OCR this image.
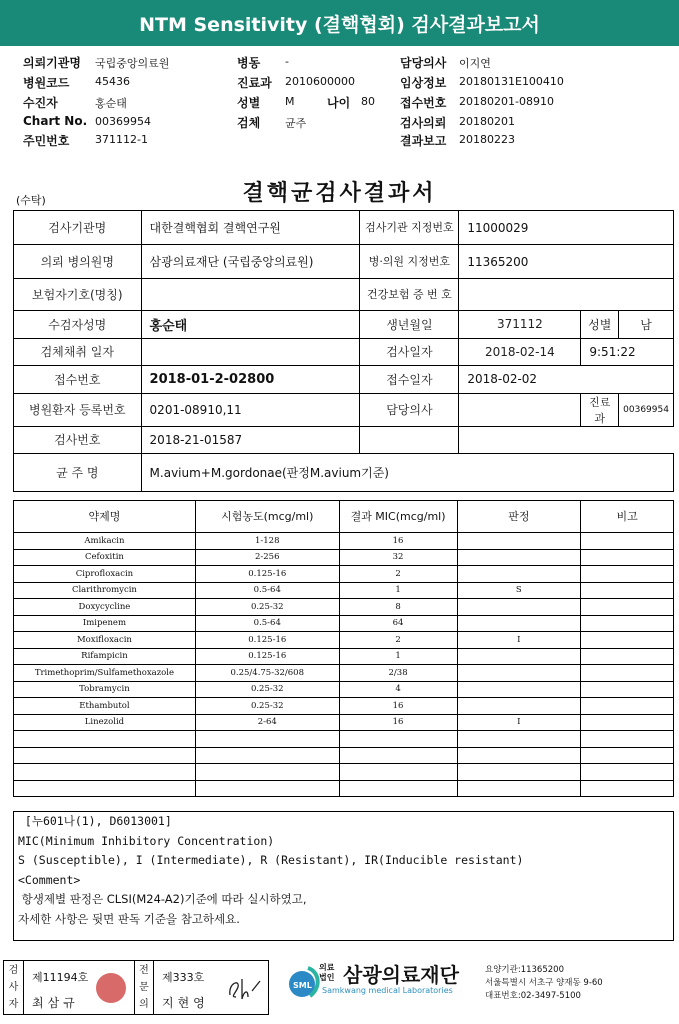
NTM Sensitivity (결핵협회) 검사결과보고서
의뢰기관명 국립중앙의료원
병원코드 45436
수진자	홍순태
Chart No. 00369954
주민번호 371112-1
병동 -
진료과 2010600000
성별 M	나이 80
검체 균주
담당의사 이지연
임상정보 20180131E100410
접수번호 20180201-08910
검사의뢰 20180201
결과보고 20180223
(수탁)	결핵균검사결과서
검사기관명	대한결핵협회 결핵연구원	검사기관 지정번호	11000029		
의뢰 병의원명	삼광의료재단 (국립중앙의료원)	병·의원 지정번호	11365200		
보험자기호(명칭)		건강보험 증 번 호			
수검자성명	홍순태	생년월일	371112	성별	남
검체채취 일자		검사일자	2018-02-14	9:51:22	
접수번호	2018-01-2-02800	접수일자	2018-02-02		
병원환자 등록번호	0201-08910,11	담당의사		진료과	00369954
검사번호	2018-21-01587				
균 주 명	M.avium+M.gordonae(판정M.avium기준)				
약제명	시험농도(mcg/ml)	결과 MIC(mcg/ml)	판정	비고
Amikacin	1-128	16		
Cefoxitin	2-256	32		
Ciprofloxacin	0.125-16	2		
Clarithromycin	0.5-64	1	S	
Doxycycline	0.25-32	8		
Imipenem	0.5-64	64		
Moxifloxacin	0.125-16	2	I	
Rifampicin	0.125-16	1		
Trimethoprim/Sulfamethoxazole	0.25/4.75-32/608	2/38		
Tobramycin	0.25-32	4		
Ethambutol	0.25-32	16		
Linezolid	2-64	16	I	

[누601나(1), D6013001]
MIC(Minimum Inhibitory Concentration)
S (Susceptible), I (Intermediate), R (Resistant), IR(Inducible resistant)
<Comment>
항생제별 판정은 CLSI(M24-A2)기준에 따라 실시하였고,
자세한 사항은 뒷면 판독 기준을 참고하세요.
검사자
제11194호
최삼규
전문의
제333호
지현영
SML
의료 법인 삼광의료재단
Samkwang medical Laboratories
요양기관:11365200
서울특별시 서초구 양재동 9-60
대표번호:02-3497-5100
